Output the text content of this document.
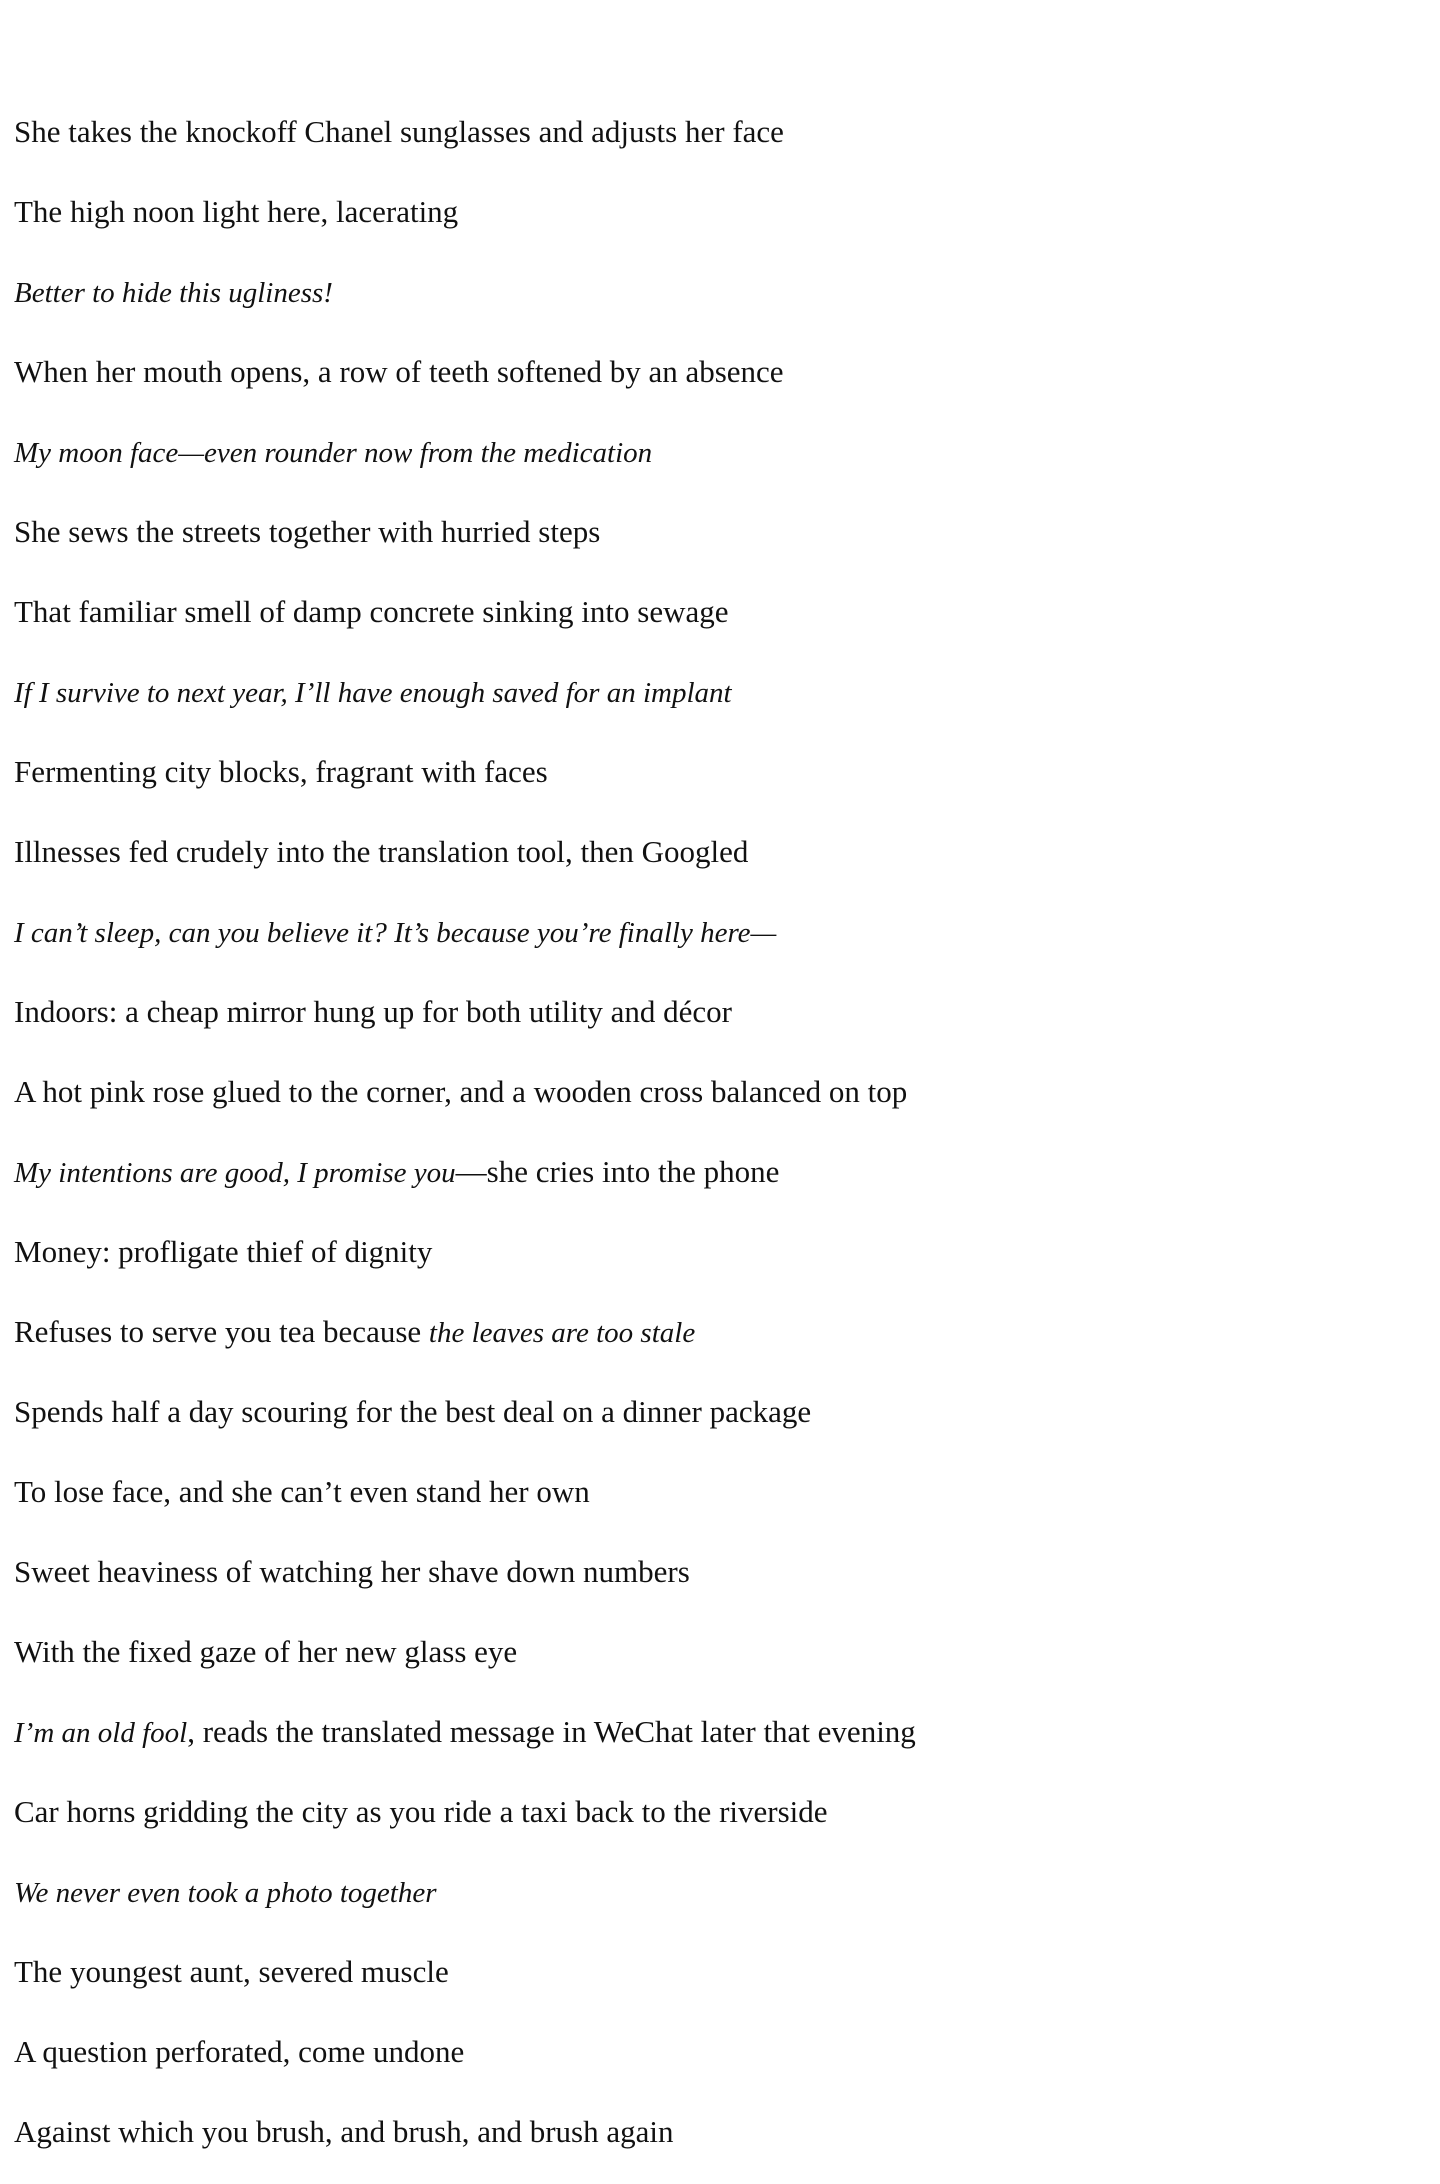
She takes the knockoff Chanel sunglasses and adjusts her face
The high noon light here, lacerating
Better to hide this ugliness!
When her mouth opens, a row of teeth softened by an absence
My moon face—even rounder now from the medication
She sews the streets together with hurried steps
That familiar smell of damp concrete sinking into sewage
If I survive to next year, I’ll have enough saved for an implant
Fermenting city blocks, fragrant with faces
Illnesses fed crudely into the translation tool, then Googled
I can’t sleep, can you believe it? It’s because you’re finally here—
Indoors: a cheap mirror hung up for both utility and décor
A hot pink rose glued to the corner, and a wooden cross balanced on top
My intentions are good, I promise you—she cries into the phone
Money: profligate thief of dignity
Refuses to serve you tea because the leaves are too stale
Spends half a day scouring for the best deal on a dinner package
To lose face, and she can’t even stand her own
Sweet heaviness of watching her shave down numbers
With the fixed gaze of her new glass eye
I’m an old fool, reads the translated message in WeChat later that evening
Car horns gridding the city as you ride a taxi back to the riverside
We never even took a photo together
The youngest aunt, severed muscle
A question perforated, come undone
Against which you brush, and brush, and brush again
